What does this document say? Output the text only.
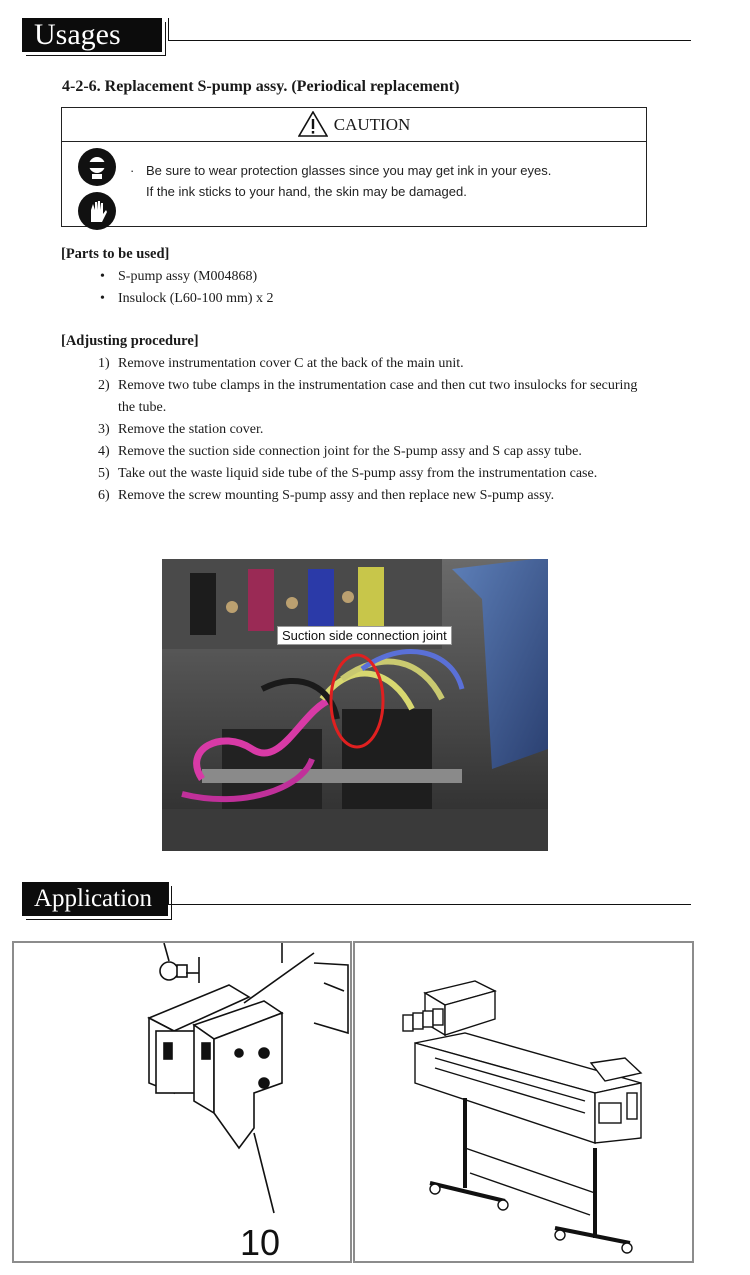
Usages
4-2-6. Replacement S-pump assy. (Periodical replacement)
CAUTION
· Be sure to wear protection glasses since you may get ink in your eyes.
If the ink sticks to your hand, the skin may be damaged.
[Parts to be used]
• S-pump assy (M004868)
• Insulock (L60-100 mm) x 2
[Adjusting procedure]
1) Remove instrumentation cover C at the back of the main unit.
2) Remove two tube clamps in the instrumentation case and then cut two insulocks for securing the tube.
3) Remove the station cover.
4) Remove the suction side connection joint for the S-pump assy and S cap assy tube.
5) Take out the waste liquid side tube of the S-pump assy from the instrumentation case.
6) Remove the screw mounting S-pump assy and then replace new S-pump assy.
Suction side connection joint
Application
10
